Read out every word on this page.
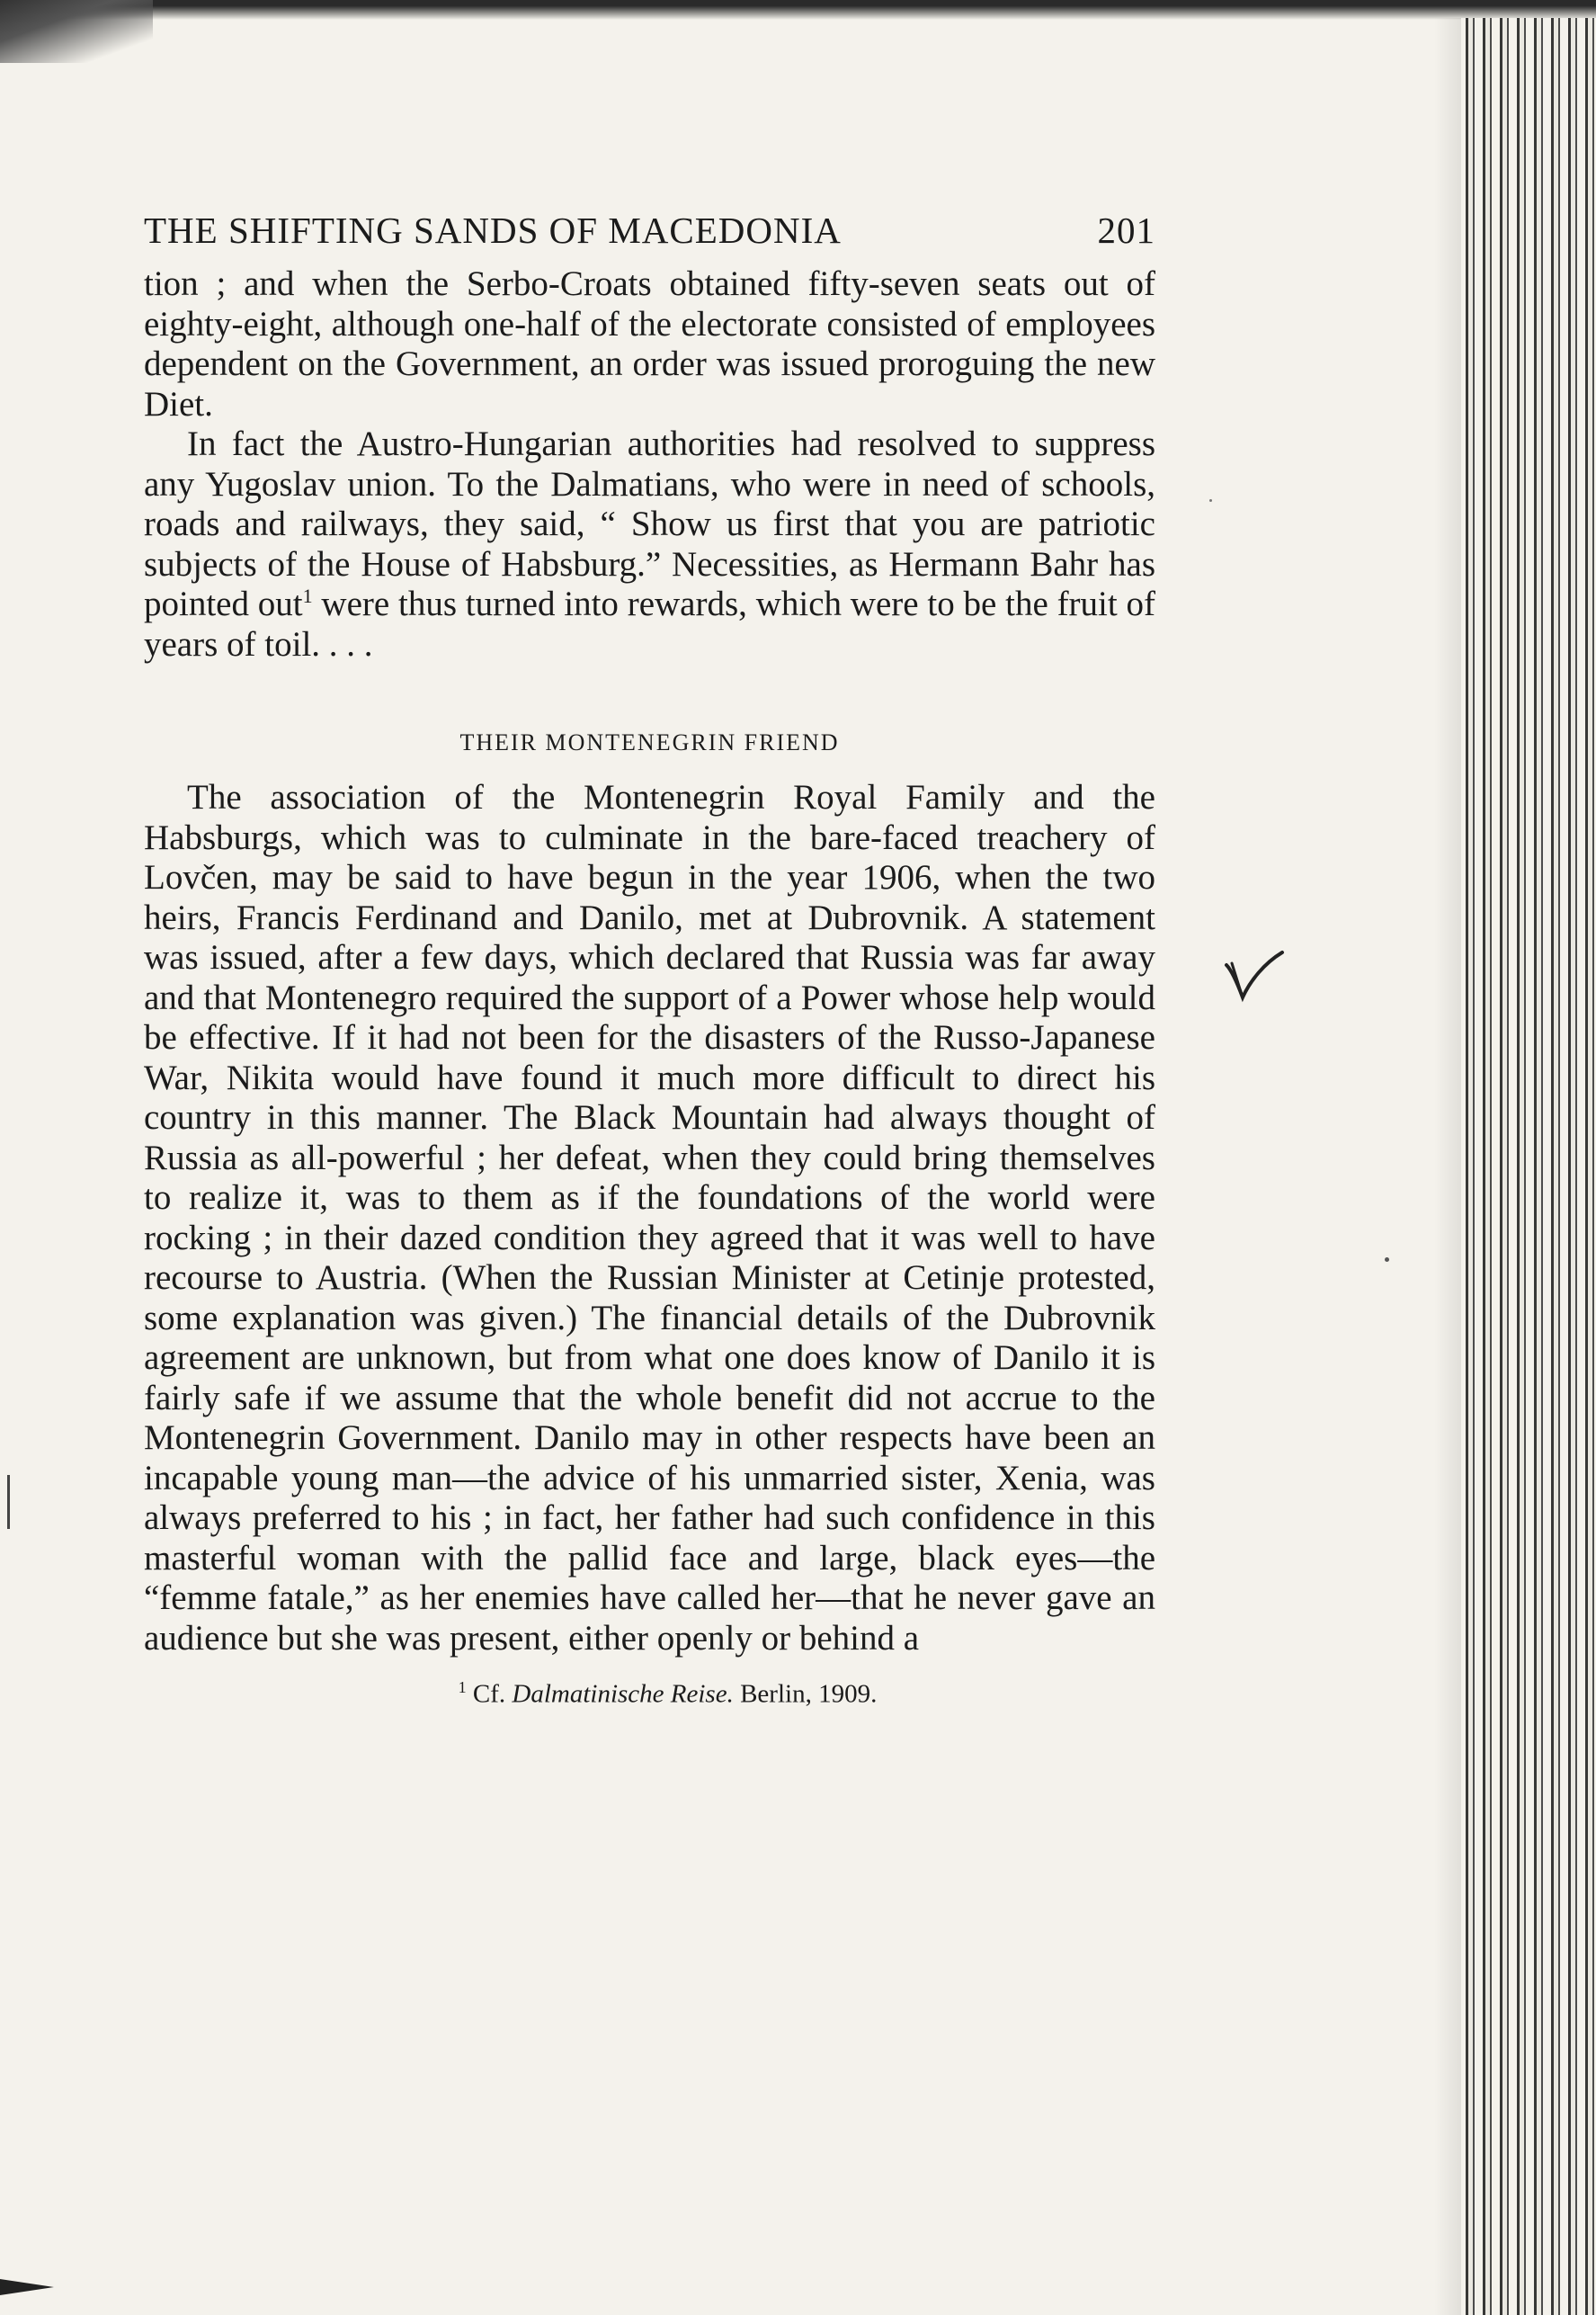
THE SHIFTING SANDS OF MACEDONIA	201

tion ; and when the Serbo-Croats obtained fifty-seven seats out of eighty-eight, although one-half of the electorate consisted of employees dependent on the Government, an order was issued proroguing the new Diet.

In fact the Austro-Hungarian authorities had resolved to suppress any Yugoslav union. To the Dalmatians, who were in need of schools, roads and railways, they said, “ Show us first that you are patriotic subjects of the House of Habsburg.” Necessities, as Hermann Bahr has pointed out$^1$ were thus turned into rewards, which were to be the fruit of years of toil. . . .

THEIR MONTENEGRIN FRIEND

The association of the Montenegrin Royal Family and the Habsburgs, which was to culminate in the bare-faced treachery of Lovčen, may be said to have begun in the year 1906, when the two heirs, Francis Ferdinand and Danilo, met at Dubrovnik. A statement was issued, after a few days, which declared that Russia was far away and that Montenegro required the support of a Power whose help would be effective. If it had not been for the disasters of the Russo-Japanese War, Nikita would have found it much more difficult to direct his country in this manner. The Black Mountain had always thought of Russia as all-powerful ; her defeat, when they could bring themselves to realize it, was to them as if the foundations of the world were rocking ; in their dazed condition they agreed that it was well to have recourse to Austria. (When the Russian Minister at Cetinje protested, some explanation was given.) The financial details of the Dubrovnik agreement are unknown, but from what one does know of Danilo it is fairly safe if we assume that the whole benefit did not accrue to the Montenegrin Government. Danilo may in other respects have been an incapable young man—the advice of his unmarried sister, Xenia, was always preferred to his ; in fact, her father had such confidence in this masterful woman with the pallid face and large, black eyes—the “femme fatale,” as her enemies have called her—that he never gave an audience but she was present, either openly or behind a

$^1$ Cf. Dalmatinische Reise. Berlin, 1909.
